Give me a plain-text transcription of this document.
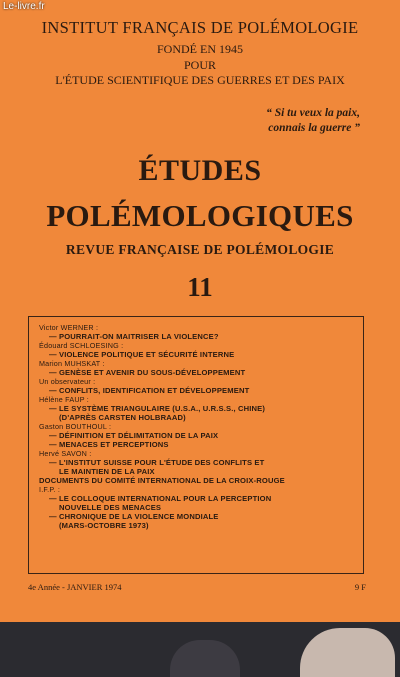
Le-livre.fr
INSTITUT FRANÇAIS DE POLÉMOLOGIE
FONDÉ EN 1945
POUR
L'ÉTUDE SCIENTIFIQUE DES GUERRES ET DES PAIX
“ Si tu veux la paix,
connais la guerre ”
ÉTUDES
POLÉMOLOGIQUES
REVUE FRANÇAISE DE POLÉMOLOGIE
11
Victor WERNER :
— POURRAIT-ON MAITRISER LA VIOLENCE?
Édouard SCHLOESING :
— VIOLENCE POLITIQUE ET SÉCURITÉ INTERNE
Marion MUHSKAT :
— GENÈSE ET AVENIR DU SOUS-DÉVELOPPEMENT
Un observateur :
— CONFLITS, IDENTIFICATION ET DÉVELOPPEMENT
Hélène FAUP :
— LE SYSTÈME TRIANGULAIRE (U.S.A., U.R.S.S., CHINE)
(D'APRÈS CARSTEN HOLBRAAD)
Gaston BOUTHOUL :
— DÉFINITION ET DÉLIMITATION DE LA PAIX
— MENACES ET PERCEPTIONS
Hervé SAVON :
— L'INSTITUT SUISSE POUR L'ÉTUDE DES CONFLITS ET
LE MAINTIEN DE LA PAIX
DOCUMENTS DU COMITÉ INTERNATIONAL DE LA CROIX-ROUGE
I.F.P. :
— LE COLLOQUE INTERNATIONAL POUR LA PERCEPTION
NOUVELLE DES MENACES
— CHRONIQUE DE LA VIOLENCE MONDIALE
(MARS-OCTOBRE 1973)
4e Année - JANVIER 1974	9 F
